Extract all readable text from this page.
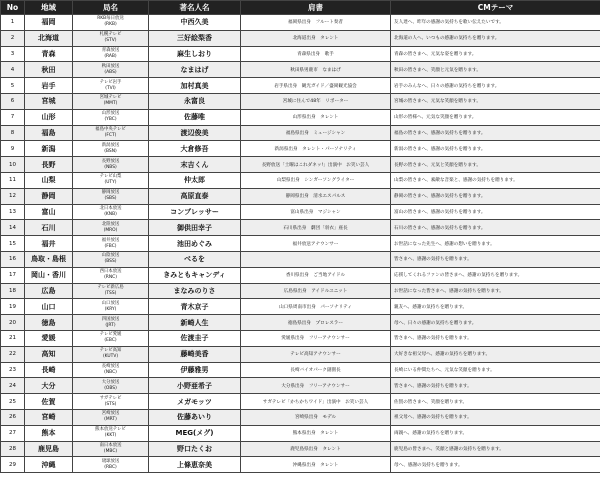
No	地域	局名	著名人名	肩書	CMテーマ
1	福岡	RKB毎日放送
(RKB)	中西久美	福岡県出身　フルート奏者	友人達へ、昨年の感謝の気持ちを歌い伝えたいです。
2	北海道	札幌テレビ
(STV)	三好絵梨香	北海道出身　タレント	北海道の人へ、いつもの感謝の気持ちを贈ります。
3	青森	青森放送
(RAB)	麻生しおり	青森県出身　歌手	青森の皆さまへ、元気な姿を贈ります。
4	秋田	秋田放送
(ABS)	なまはげ	秋田県男鹿市　なまはげ	秋田の皆さまへ、笑顔と元気を贈ります。
5	岩手	テレビ岩手
(TVI)	加村真美	岩手県出身　観光ガイド／盛岡観光協会	岩手のみんなへ、日々の感謝の気持ちを贈ります。
6	宮城	宮城テレビ
(MMT)	永富良	宮城に住んで48年　リポーター	宮城の皆さまへ、元気な笑顔を贈ります。
7	山形	山形放送
(YBC)	佐藤唯	山形県出身　タレント	山形の皆様へ、元気な笑顔を贈ります。
8	福島	福島中央テレビ
(FCT)	渡辺俊美	福島県出身　ミュージシャン	福島の皆さまへ、感謝の気持ちを贈ります。
9	新潟	新潟放送
(BSN)	大倉修吾	新潟県出身　タレント・パーソナリティ	新潟の皆さまへ、感謝の気持ちを贈ります。
10	長野	長野放送
(NBS)	末吉くん	長野放送「土曜はこれダネッ!」出演中　お笑い芸人	長野の皆さまへ、元気と笑顔を贈ります。
11	山梨	テレビ山梨
(UTY)	仲太郎	山梨県出身　シンガーソングライター	山梨の皆さまへ、素敵な音楽と、感謝の気持ちを贈ります。
12	静岡	静岡放送
(SBS)	高原直泰	静岡県出身　清水エスパルス	静岡の皆さまへ、感謝の気持ちを贈ります。
13	富山	北日本放送
(KNB)	コンプレッサー	富山県出身　マジシャン	富山の皆さまへ、感謝の気持ちを贈ります。
14	石川	北陸放送
(MRO)	御供田幸子	石川県出身　劇団「羽衣」座長	石川の皆さまへ、感謝の気持ちを贈ります。
15	福井	福井放送
(FBC)	池田めぐみ	福井放送アナウンサー	お世話になった先生へ、感謝の想いを贈ります。
16	鳥取・島根	山陰放送
(BSS)	べるを		皆さまへ、感謝の気持ちを贈ります。
17	岡山・香川	西日本放送
(RNC)	きみともキャンディ	香川県出身　ご当地アイドル	応援してくれるファンの皆さまへ、感謝の気持ちを贈ります。
18	広島	テレビ新広島
(TSS)	まなみのりさ	広島県出身　アイドルユニット	お世話になった皆さまへ、感謝の気持ちを贈ります。
19	山口	山口放送
(KRY)	青木京子	山口県周南市出身　パーソナリティ	親友へ、感謝の気持ちを贈ります。
20	徳島	四国放送
(JRT)	新崎人生	徳島県出身　プロレスラー	母へ、日々の感謝の気持ちを贈ります。
21	愛媛	テレビ愛媛
(EBC)	佐渡圭子	愛媛県出身　フリーアナウンサー	皆さまへ、感謝の気持ちを贈ります。
22	高知	テレビ高知
(KUTV)	藤崎美香	テレビ高知アナウンサー	大好きな祖父母へ、感謝の気持ちを贈ります。
23	長崎	長崎放送
(NBC)	伊藤雅男	長崎バイオパーク副園長	長崎にいる仲間たちへ、元気な笑顔を贈ります。
24	大分	大分放送
(OBS)	小野亜希子	大分県出身　フリーアナウンサー	皆さまへ、感謝の気持ちを贈ります。
25	佐賀	サガテレビ
(STS)	メガモッツ	サガテレビ「かちかちワイド」出演中　お笑い芸人	佐賀の皆さまへ、笑顔を贈ります。
26	宮崎	宮崎放送
(MRT)	佐藤あいり	宮崎県出身　モデル	祖父母へ、感謝の気持ちを贈ります。
27	熊本	熊本放送テレビ
(KKT)	MEG(メグ)	熊本県出身　タレント	両親へ、感謝の気持ちを贈ります。
28	鹿児島	南日本放送
(MBC)	野口たくお	鹿児島県出身　タレント	鹿児島の皆さまへ、笑顔と感謝の気持ちを贈ります。
29	沖縄	琉球放送
(RBC)	上條恵奈美	沖縄県出身　タレント	母へ、感謝の気持ちを贈ります。
